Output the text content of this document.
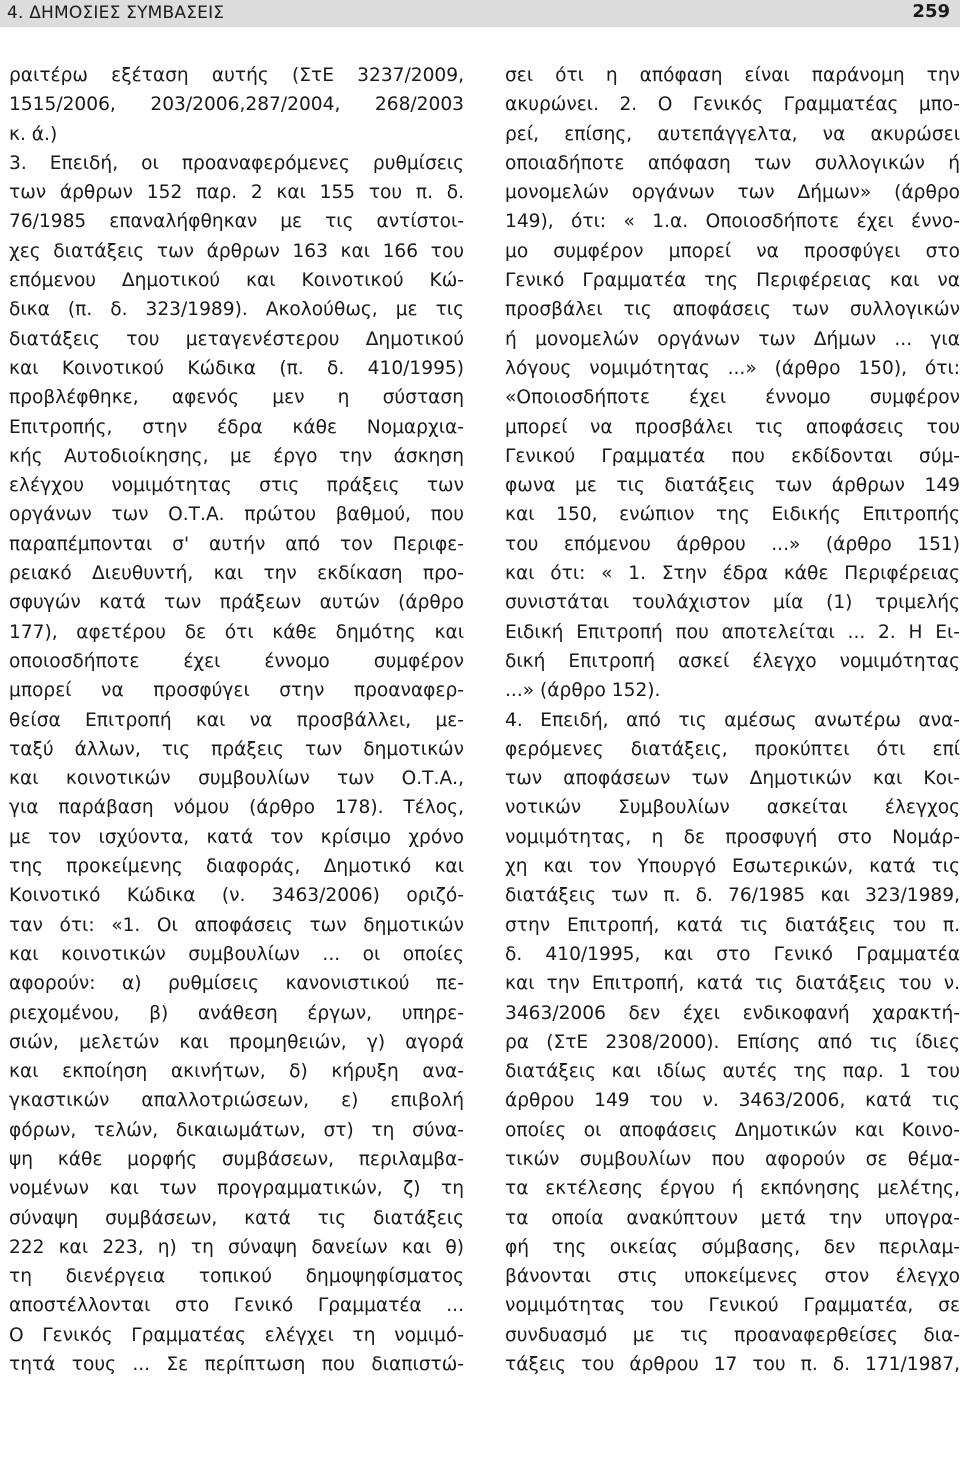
4. ΔΗΜΟΣΙΕΣ ΣΥΜΒΑΣΕΙΣ	259
ραιτέρω εξέταση αυτής (ΣτΕ 3237/2009,
1515/2006, 203/2006,287/2004, 268/2003
κ. ά.)
3. Επειδή, οι προαναφερόμενες ρυθμίσεις
των άρθρων 152 παρ. 2 και 155 του π. δ.
76/1985 επαναλήφθηκαν με τις αντίστοι-
χες διατάξεις των άρθρων 163 και 166 του
επόμενου Δημοτικού και Κοινοτικού Κώ-
δικα (π. δ. 323/1989). Ακολούθως, με τις
διατάξεις του μεταγενέστερου Δημοτικού
και Κοινοτικού Κώδικα (π. δ. 410/1995)
προβλέφθηκε, αφενός μεν η σύσταση
Επιτροπής, στην έδρα κάθε Νομαρχια-
κής Αυτοδιοίκησης, με έργο την άσκηση
ελέγχου νομιμότητας στις πράξεις των
οργάνων των Ο.Τ.Α. πρώτου βαθμού, που
παραπέμπονται σ' αυτήν από τον Περιφε-
ρειακό Διευθυντή, και την εκδίκαση προ-
σφυγών κατά των πράξεων αυτών (άρθρο
177), αφετέρου δε ότι κάθε δημότης και
οποιοσδήποτε έχει έννομο συμφέρον
μπορεί να προσφύγει στην προαναφερ-
θείσα Επιτροπή και να προσβάλλει, με-
ταξύ άλλων, τις πράξεις των δημοτικών
και κοινοτικών συμβουλίων των Ο.Τ.Α.,
για παράβαση νόμου (άρθρο 178). Τέλος,
με τον ισχύοντα, κατά τον κρίσιμο χρόνο
της προκείμενης διαφοράς, Δημοτικό και
Κοινοτικό Κώδικα (ν. 3463/2006) οριζό-
ταν ότι: «1. Οι αποφάσεις των δημοτικών
και κοινοτικών συμβουλίων ... οι οποίες
αφορούν: α) ρυθμίσεις κανονιστικού πε-
ριεχομένου, β) ανάθεση έργων, υπηρε-
σιών, μελετών και προμηθειών, γ) αγορά
και εκποίηση ακινήτων, δ) κήρυξη ανα-
γκαστικών απαλλοτριώσεων, ε) επιβολή
φόρων, τελών, δικαιωμάτων, στ) τη σύνα-
ψη κάθε μορφής συμβάσεων, περιλαμβα-
νομένων και των προγραμματικών, ζ) τη
σύναψη συμβάσεων, κατά τις διατάξεις
222 και 223, η) τη σύναψη δανείων και θ)
τη διενέργεια τοπικού δημοψηφίσματος
αποστέλλονται στο Γενικό Γραμματέα ...
Ο Γενικός Γραμματέας ελέγχει τη νομιμό-
τητά τους ... Σε περίπτωση που διαπιστώ-
σει ότι η απόφαση είναι παράνομη την
ακυρώνει. 2. Ο Γενικός Γραμματέας μπο-
ρεί, επίσης, αυτεπάγγελτα, να ακυρώσει
οποιαδήποτε απόφαση των συλλογικών ή
μονομελών οργάνων των Δήμων» (άρθρο
149), ότι: « 1.α. Οποιοσδήποτε έχει έννο-
μο συμφέρον μπορεί να προσφύγει στο
Γενικό Γραμματέα της Περιφέρειας και να
προσβάλει τις αποφάσεις των συλλογικών
ή μονομελών οργάνων των Δήμων ... για
λόγους νομιμότητας ...» (άρθρο 150), ότι:
«Οποιοσδήποτε έχει έννομο συμφέρον
μπορεί να προσβάλει τις αποφάσεις του
Γενικού Γραμματέα που εκδίδονται σύμ-
φωνα με τις διατάξεις των άρθρων 149
και 150, ενώπιον της Ειδικής Επιτροπής
του επόμενου άρθρου ...» (άρθρο 151)
και ότι: « 1. Στην έδρα κάθε Περιφέρειας
συνιστάται τουλάχιστον μία (1) τριμελής
Ειδική Επιτροπή που αποτελείται ... 2. Η Ει-
δική Επιτροπή ασκεί έλεγχο νομιμότητας
...» (άρθρο 152).
4. Επειδή, από τις αμέσως ανωτέρω ανα-
φερόμενες διατάξεις, προκύπτει ότι επί
των αποφάσεων των Δημοτικών και Κοι-
νοτικών Συμβουλίων ασκείται έλεγχος
νομιμότητας, η δε προσφυγή στο Νομάρ-
χη και τον Υπουργό Εσωτερικών, κατά τις
διατάξεις των π. δ. 76/1985 και 323/1989,
στην Επιτροπή, κατά τις διατάξεις του π.
δ. 410/1995, και στο Γενικό Γραμματέα
και την Επιτροπή, κατά τις διατάξεις του ν.
3463/2006 δεν έχει ενδικοφανή χαρακτή-
ρα (ΣτΕ 2308/2000). Επίσης από τις ίδιες
διατάξεις και ιδίως αυτές της παρ. 1 του
άρθρου 149 του ν. 3463/2006, κατά τις
οποίες οι αποφάσεις Δημοτικών και Κοινο-
τικών συμβουλίων που αφορούν σε θέμα-
τα εκτέλεσης έργου ή εκπόνησης μελέτης,
τα οποία ανακύπτουν μετά την υπογρα-
φή της οικείας σύμβασης, δεν περιλαμ-
βάνονται στις υποκείμενες στον έλεγχο
νομιμότητας του Γενικού Γραμματέα, σε
συνδυασμό με τις προαναφερθείσες δια-
τάξεις του άρθρου 17 του π. δ. 171/1987,
